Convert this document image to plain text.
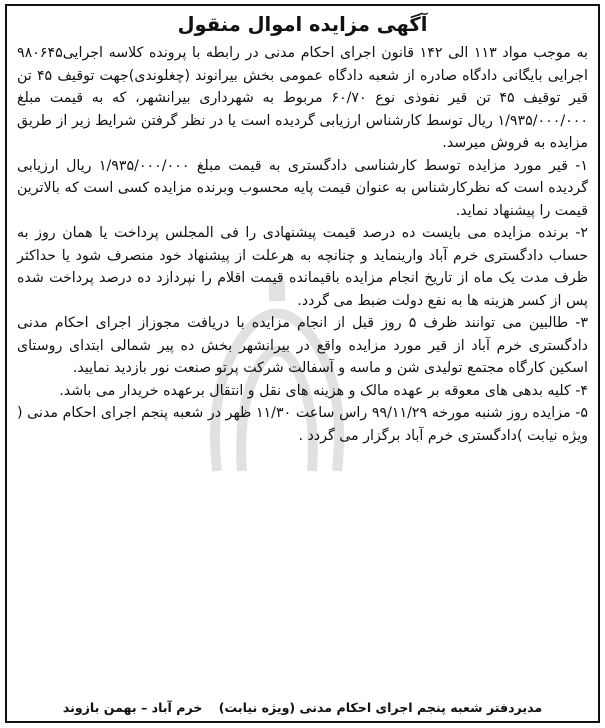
آگهی مزایده اموال منقول

به موجب مواد ۱۱۳ الی ۱۴۲ قانون اجرای احکام مدنی در رابطه با پرونده کلاسه اجرایی۹۸۰۶۴۵ اجرایی بایگانی دادگاه صادره از شعبه دادگاه عمومی بخش بیرانوند (چغلوندی)جهت توقیف ۴۵ تن قیر توقیف ۴۵ تن قیر نفوذی نوع ۶۰/۷۰ مربوط به شهرداری بیرانشهر، که به قیمت مبلغ ۱/۹۳۵/۰۰۰/۰۰۰ ریال توسط کارشناس ارزیابی گردیده است یا در نظر گرفتن شرایط زیر از طریق مزایده به فروش میرسد.

۱- قیر مورد مزایده توسط کارشناسی دادگستری به قیمت مبلغ ۱/۹۳۵/۰۰۰/۰۰۰ ریال ارزیابی گردیده است که نظرکارشناس به عنوان قیمت پایه محسوب وبرنده مزایده کسی است که بالاترین قیمت را پیشنهاد نماید.

۲- برنده مزایده می بایست ده درصد قیمت پیشنهادی را فی المجلس پرداخت یا همان روز به حساب دادگستری خرم آباد وارینماید و چنانچه به هرعلت از پیشنهاد خود منصرف شود یا حداکثر ظرف مدت یک ماه از تاریخ انجام مزایده باقیمانده قیمت اقلام را نپردازد ده درصد پرداخت شده پس از کسر هزینه ها به نفع دولت ضبط می گردد.

۳- طالبین می توانند ظرف ۵ روز قبل از انجام مزایده با دریافت مجوزاز اجرای احکام مدنی دادگستری خرم آباد از قیر مورد مزایده واقع در بیرانشهر بخش ده پیر شمالی ابتدای روستای اسکین کارگاه مجتمع تولیدی شن و ماسه و آسفالت شرکت پرتو صنعت نور بازدید نمایید.

۴- کلیه بدهی های معوقه بر عهده مالک و هزینه های نقل و انتقال برعهده خریدار می باشد.

۵- مزایده روز شنبه مورخه ۹۹/۱۱/۲۹ راس ساعت ۱۱/۳۰ ظهر در شعبه پنجم اجرای احکام مدنی ( ویژه نیابت )دادگستری خرم آباد برگزار می گردد .

مدیردفتر شعبه پنجم اجرای احکام مدنی (ویژه نیابت) خرم آباد – بهمن بازوند
